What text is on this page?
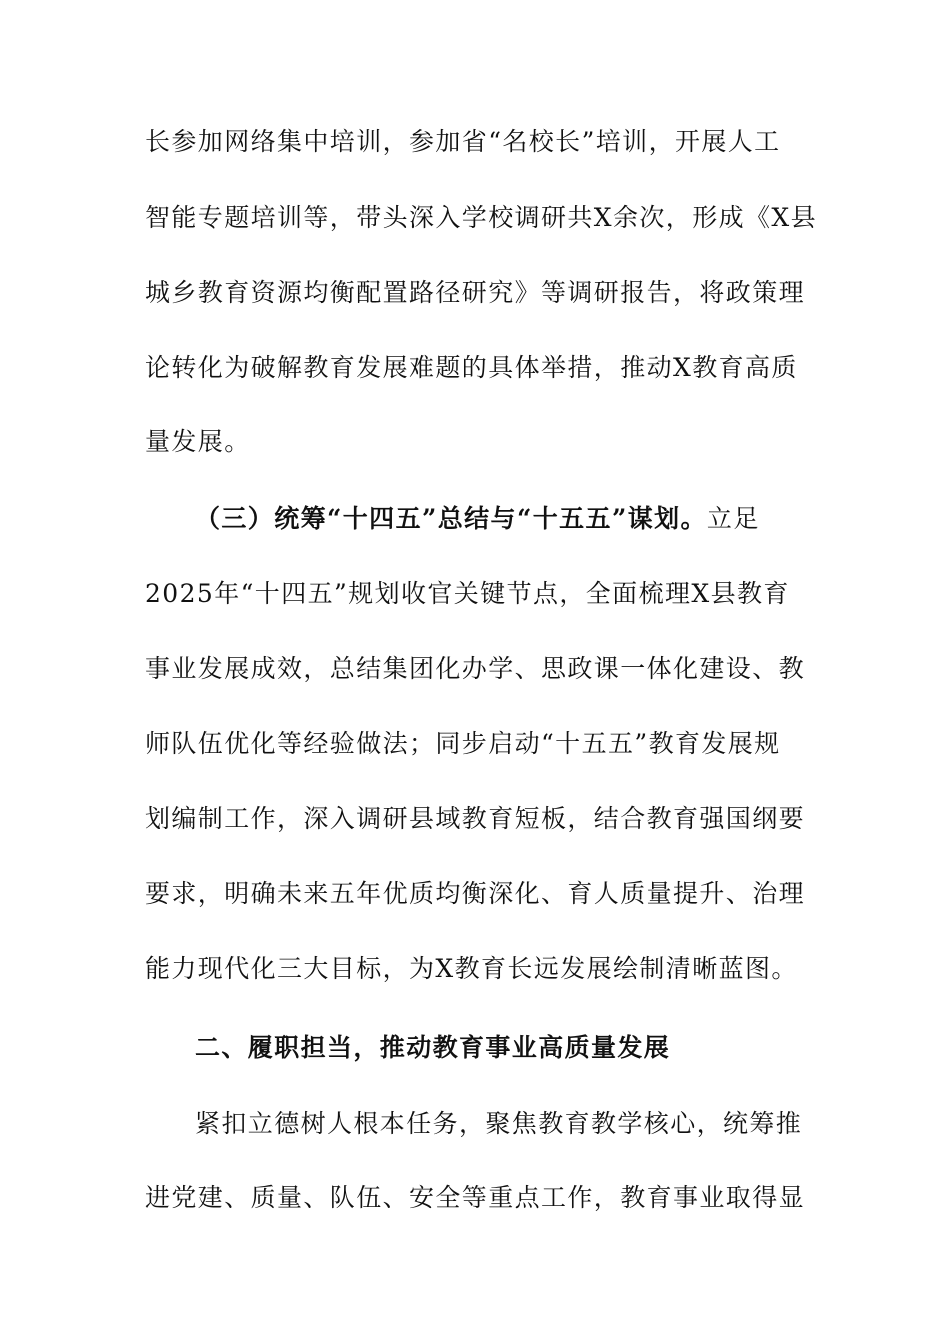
长参加网络集中培训，参加省“名校长”培训，开展人工
智能专题培训等，带头深入学校调研共X余次，形成《X县
城乡教育资源均衡配置路径研究》等调研报告，将政策理
论转化为破解教育发展难题的具体举措，推动X教育高质
量发展。
（三）统筹“十四五”总结与“十五五”谋划。立足
2025年“十四五”规划收官关键节点，全面梳理X县教育
事业发展成效，总结集团化办学、思政课一体化建设、教
师队伍优化等经验做法；同步启动“十五五”教育发展规
划编制工作，深入调研县域教育短板，结合教育强国纲要
要求，明确未来五年优质均衡深化、育人质量提升、治理
能力现代化三大目标，为X教育长远发展绘制清晰蓝图。
二、履职担当，推动教育事业高质量发展
紧扣立德树人根本任务，聚焦教育教学核心，统筹推
进党建、质量、队伍、安全等重点工作，教育事业取得显
